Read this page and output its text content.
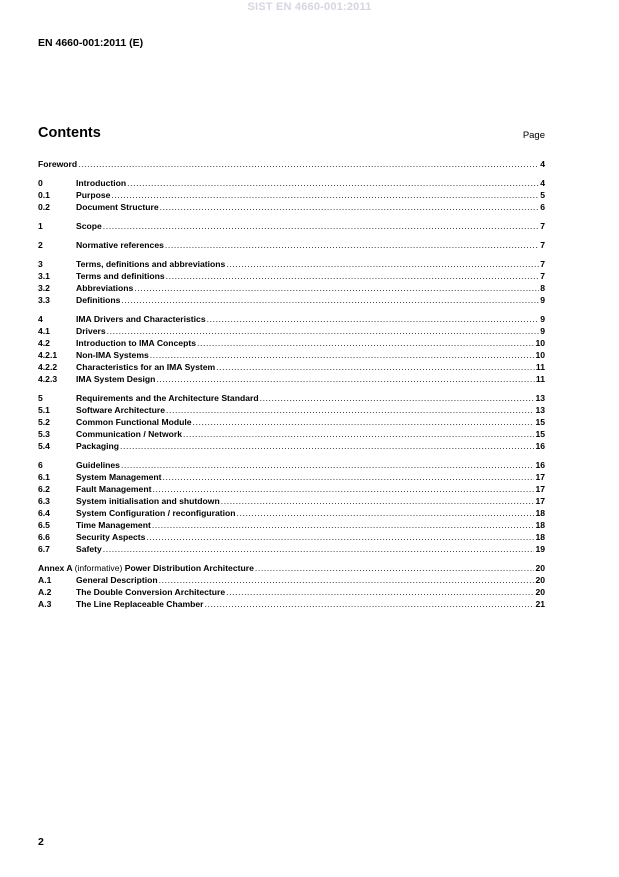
SIST EN 4660-001:2011
EN 4660-001:2011 (E)
Contents	Page
Foreword .....	4
0	Introduction .....	4
0.1	Purpose .....	5
0.2	Document Structure .....	6
1	Scope .....	7
2	Normative references .....	7
3	Terms, definitions and abbreviations .....	7
3.1	Terms and definitions .....	7
3.2	Abbreviations .....	8
3.3	Definitions .....	9
4	IMA Drivers and Characteristics .....	9
4.1	Drivers .....	9
4.2	Introduction to IMA Concepts .....	10
4.2.1	Non-IMA Systems .....	10
4.2.2	Characteristics for an IMA System .....	11
4.2.3	IMA System Design .....	11
5	Requirements and the Architecture Standard .....	13
5.1	Software Architecture .....	13
5.2	Common Functional Module .....	15
5.3	Communication / Network .....	15
5.4	Packaging .....	16
6	Guidelines .....	16
6.1	System Management .....	17
6.2	Fault Management .....	17
6.3	System initialisation and shutdown .....	17
6.4	System Configuration / reconfiguration .....	18
6.5	Time Management .....	18
6.6	Security Aspects .....	18
6.7	Safety .....	19
Annex A (informative) Power Distribution Architecture .....	20
A.1	General Description .....	20
A.2	The Double Conversion Architecture .....	20
A.3	The Line Replaceable Chamber .....	21
2
